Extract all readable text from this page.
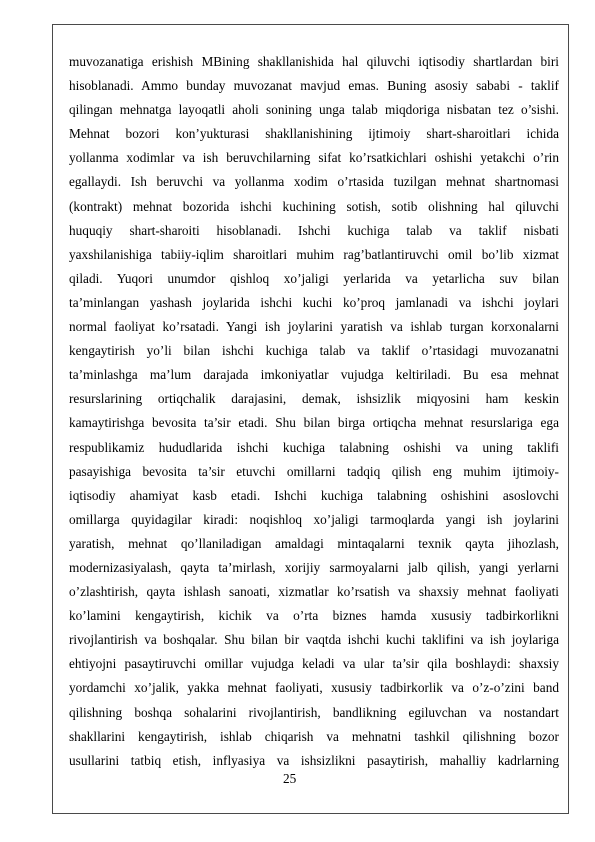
muvozanatiga erishish MBining shakllanishida hal qiluvchi iqtisodiy shartlardan biri
hisoblanadi. Ammo bunday muvozanat mavjud emas. Buning asosiy sababi - taklif
qilingan mehnatga layoqatli aholi sonining unga talab miqdoriga nisbatan tez o’sishi.
Mehnat bozori kon’yukturasi shakllanishining ijtimoiy shart-sharoitlari ichida
yollanma xodimlar va ish beruvchilarning sifat ko’rsatkichlari oshishi yetakchi o’rin
egallaydi. Ish beruvchi va yollanma xodim o’rtasida tuzilgan mehnat shartnomasi
(kontrakt) mehnat bozorida ishchi kuchining sotish, sotib olishning hal qiluvchi
huquqiy shart-sharoiti hisoblanadi. Ishchi kuchiga talab va taklif nisbati
yaxshilanishiga tabiiy-iqlim sharoitlari muhim rag’batlantiruvchi omil bo’lib xizmat
qiladi. Yuqori unumdor qishloq xo’jaligi yerlarida va yetarlicha suv bilan
ta’minlangan yashash joylarida ishchi kuchi ko’proq jamlanadi va ishchi joylari
normal faoliyat ko’rsatadi. Yangi ish joylarini yaratish va ishlab turgan korxonalarni
kengaytirish yo’li bilan ishchi kuchiga talab va taklif o’rtasidagi muvozanatni
ta’minlashga ma’lum darajada imkoniyatlar vujudga keltiriladi. Bu esa mehnat
resurslarining ortiqchalik darajasini, demak, ishsizlik miqyosini ham keskin
kamaytirishga bevosita ta’sir etadi. Shu bilan birga ortiqcha mehnat resurslariga ega
respublikamiz hududlarida ishchi kuchiga talabning oshishi va uning taklifi
pasayishiga bevosita ta’sir etuvchi omillarni tadqiq qilish eng muhim ijtimoiy-
iqtisodiy ahamiyat kasb etadi. Ishchi kuchiga talabning oshishini asoslovchi
omillarga quyidagilar kiradi: noqishloq xo’jaligi tarmoqlarda yangi ish joylarini
yaratish, mehnat qo’llaniladigan amaldagi mintaqalarni texnik qayta jihozlash,
modernizasiyalash, qayta ta’mirlash, xorijiy sarmoyalarni jalb qilish, yangi yerlarni
o’zlashtirish, qayta ishlash sanoati, xizmatlar ko’rsatish va shaxsiy mehnat faoliyati
ko’lamini kengaytirish, kichik va o’rta biznes hamda xususiy tadbirkorlikni
rivojlantirish va boshqalar. Shu bilan bir vaqtda ishchi kuchi taklifini va ish joylariga
ehtiyojni pasaytiruvchi omillar vujudga keladi va ular ta’sir qila boshlaydi: shaxsiy
yordamchi xo’jalik, yakka mehnat faoliyati, xususiy tadbirkorlik va o’z-o’zini band
qilishning boshqa sohalarini rivojlantirish, bandlikning egiluvchan va nostandart
shakllarini kengaytirish, ishlab chiqarish va mehnatni tashkil qilishning bozor
usullarini tatbiq etish, inflyasiya va ishsizlikni pasaytirish, mahalliy kadrlarning
25
